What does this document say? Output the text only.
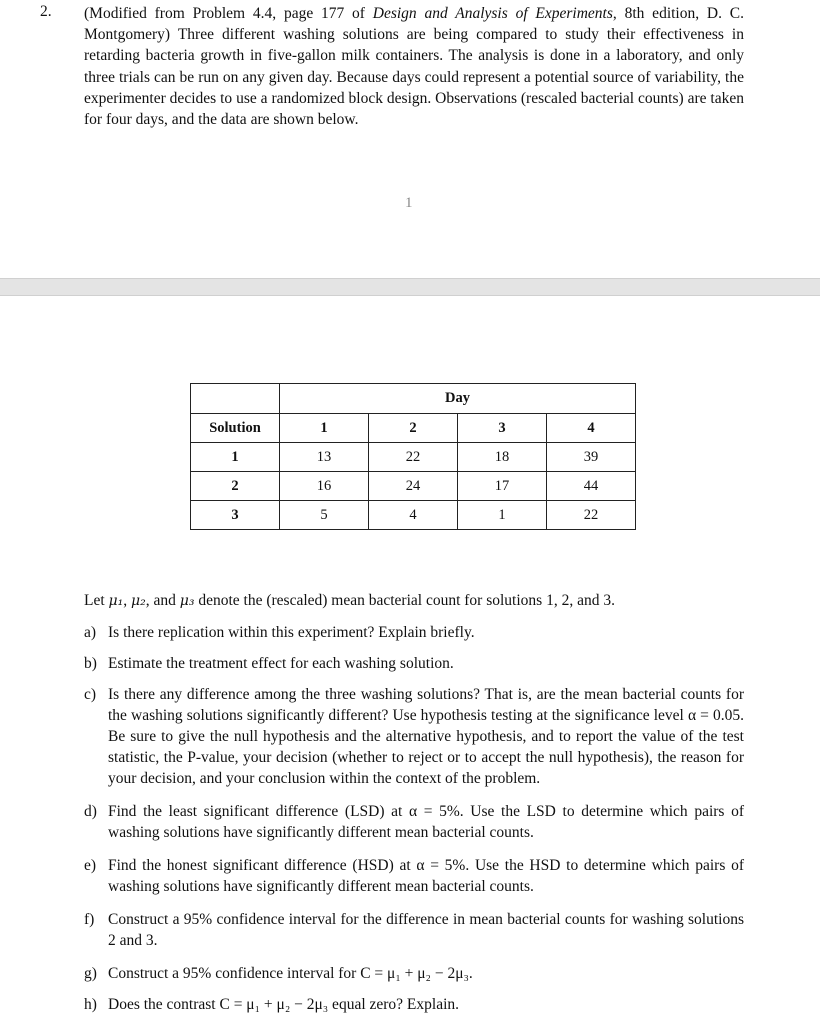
2. (Modified from Problem 4.4, page 177 of Design and Analysis of Experiments, 8th edition, D. C. Montgomery) Three different washing solutions are being compared to study their effectiveness in retarding bacteria growth in five-gallon milk containers. The analysis is done in a laboratory, and only three trials can be run on any given day. Because days could represent a potential source of variability, the experimenter decides to use a randomized block design. Observations (rescaled bacterial counts) are taken for four days, and the data are shown below.

1
	Day			
Solution	1	2	3	4
1	13	22	18	39
2	16	24	17	44
3	5	4	1	22
Let μ₁, μ₂, and μ₃ denote the (rescaled) mean bacterial count for solutions 1, 2, and 3.
a) Is there replication within this experiment? Explain briefly.
b) Estimate the treatment effect for each washing solution.
c) Is there any difference among the three washing solutions? That is, are the mean bacterial counts for the washing solutions significantly different? Use hypothesis testing at the significance level α = 0.05. Be sure to give the null hypothesis and the alternative hypothesis, and to report the value of the test statistic, the P-value, your decision (whether to reject or to accept the null hypothesis), the reason for your decision, and your conclusion within the context of the problem.
d) Find the least significant difference (LSD) at α = 5%. Use the LSD to determine which pairs of washing solutions have significantly different mean bacterial counts.
e) Find the honest significant difference (HSD) at α = 5%. Use the HSD to determine which pairs of washing solutions have significantly different mean bacterial counts.
f) Construct a 95% confidence interval for the difference in mean bacterial counts for washing solutions 2 and 3.
g) Construct a 95% confidence interval for C = μ₁ + μ₂ − 2μ₃.
h) Does the contrast C = μ₁ + μ₂ − 2μ₃ equal zero? Explain.
